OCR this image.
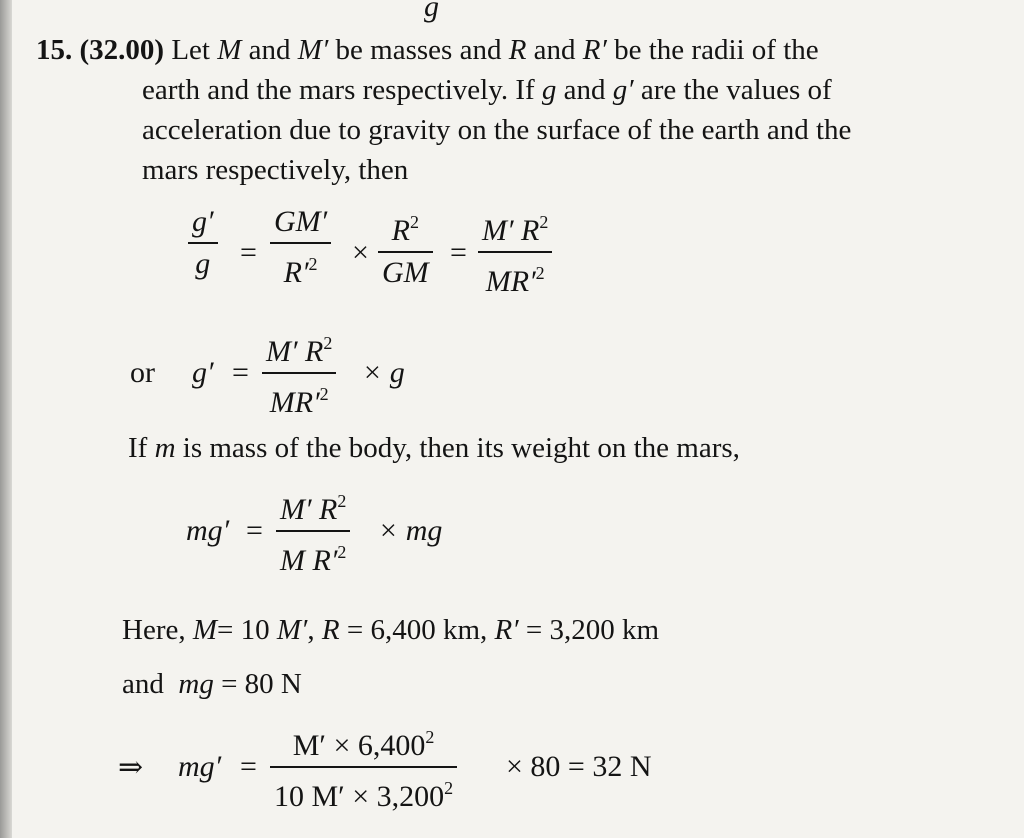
g
15. (32.00) Let M and M′ be masses and R and R′ be the radii of the
earth and the mars respectively. If g and g′ are the values of
acceleration due to gravity on the surface of the earth and the
mars respectively, then
g′
g =
GM′
$R'^2$ ×
$R^2$
GM
=
M′ $R^2$
$MR'^2$
or g′ =
M′ $R^2$
$MR'^2$
× g
If m is mass of the body, then its weight on the mars,
mg′ =
M′ $R^2$
M $R'^2$
× mg
Here, M= 10 M′, R = 6,400 km, R′ = 3,200 km
and mg = 80 N
⇒ mg′ =
$M' \times 6,400^2$
10 $M' \times 3,200^2$
× 80 = 32 N
